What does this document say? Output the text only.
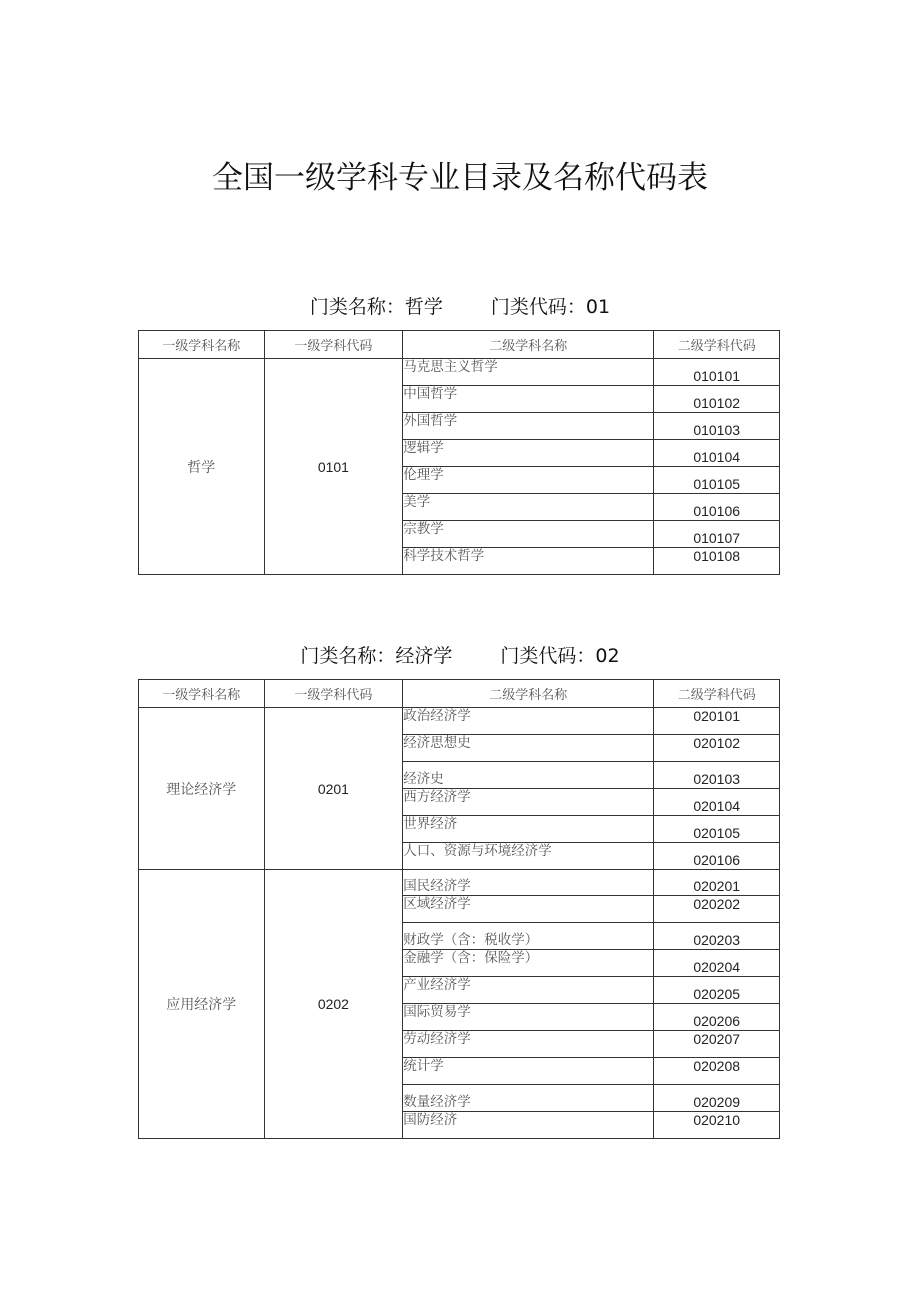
全国一级学科专业目录及名称代码表
门类名称：哲学	门类代码：01
一级学科名称	一级学科代码	二级学科名称	二级学科代码
哲学	0101	马克思主义哲学	010101
		中国哲学	010102
		外国哲学	010103
		逻辑学	010104
		伦理学	010105
		美学	010106
		宗教学	010107
		科学技术哲学	010108
门类名称：经济学	门类代码：02
一级学科名称	一级学科代码	二级学科名称	二级学科代码
理论经济学	0201	政治经济学	020101
		经济思想史	020102
		经济史	020103
		西方经济学	020104
		世界经济	020105
		人口、资源与环境经济学	020106
应用经济学	0202	国民经济学	020201
		区域经济学	020202
		财政学（含：税收学）	020203
		金融学（含：保险学）	020204
		产业经济学	020205
		国际贸易学	020206
		劳动经济学	020207
		统计学	020208
		数量经济学	020209
		国防经济	020210
